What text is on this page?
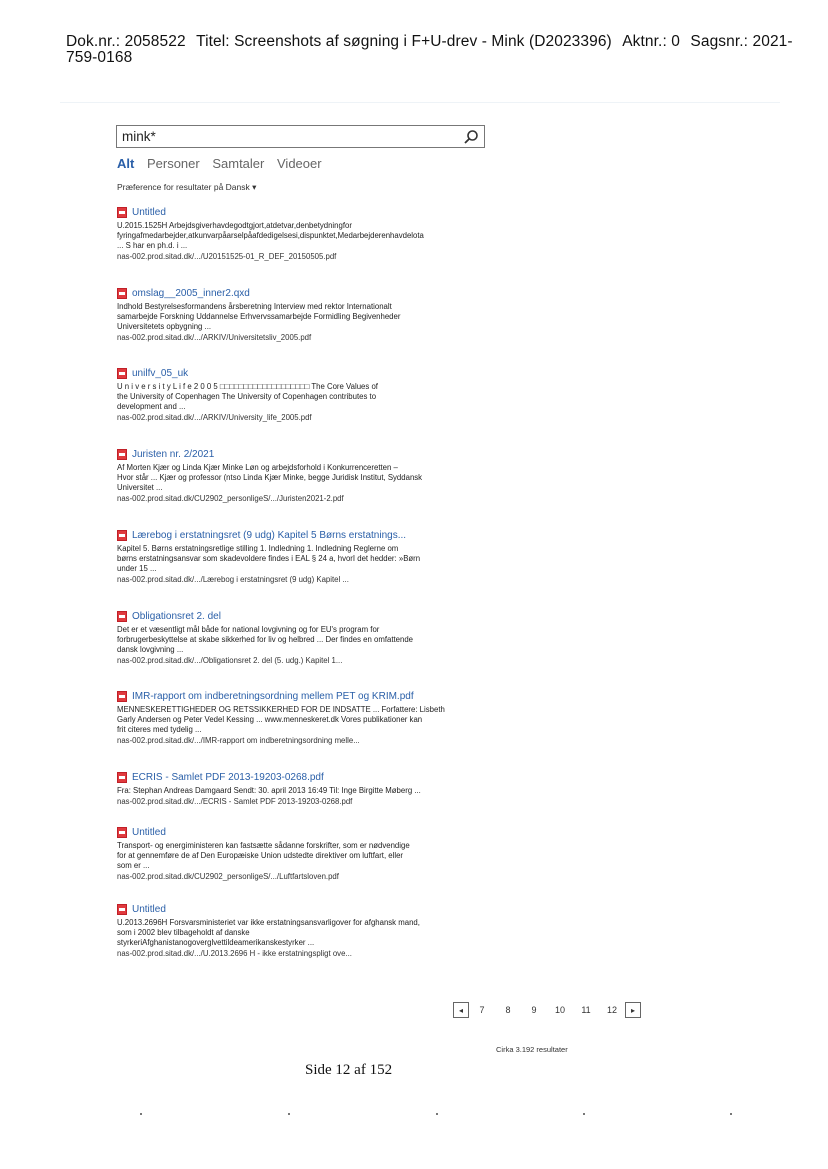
Dok.nr.: 2058522 Titel: Screenshots af søgning i F+U-drev - Mink (D2023396) Aktnr.: 0 Sagsnr.: 2021-759-0168
mink*
Alt Personer Samtaler Videoer
Præference for resultater på Dansk ▾
Untitled
U.2015.1525H Arbejdsgiverhavdegodtgjort,atdetvar,denbetydningfor
fyringafmedarbejder,atkunvarpåarselpåafdedigelsesi,dispunktet,Medarbejderenhavdelota
... S har en ph.d. i ...
nas-002.prod.sitad.dk/.../U20151525-01_R_DEF_20150505.pdf
omslag__2005_inner2.qxd
Indhold Bestyrelsesformandens årsberetning Interview med rektor Internationalt
samarbejde Forskning Uddannelse Erhvervssamarbejde Formidling Begivenheder
Universitetets opbygning ...
nas-002.prod.sitad.dk/.../ARKIV/Universitetsliv_2005.pdf
unilfv_05_uk
U n i v e r s i t y L i f e 2 0 0 5 □□□□□□□□□□□□□□□□□□□ The Core Values of
the University of Copenhagen The University of Copenhagen contributes to
development and ...
nas-002.prod.sitad.dk/.../ARKIV/University_life_2005.pdf
Juristen nr. 2/2021
Af Morten Kjær og Linda Kjær Minke Løn og arbejdsforhold i Konkurrenceretten –
Hvor står ... Kjær og professor (ntso Linda Kjær Minke, begge Juridisk Institut, Syddansk
Universitet ...
nas-002.prod.sitad.dk/CU2902_personligeS/.../Juristen2021-2.pdf
Lærebog i erstatningsret (9 udg) Kapitel 5 Børns erstatnings...
Kapitel 5. Børns erstatningsretlige stilling 1. Indledning 1. Indledning Reglerne om
børns erstatningsansvar som skadevoldere findes i EAL § 24 a, hvorI det hedder: »Børn
under 15 ...
nas-002.prod.sitad.dk/.../Lærebog i erstatningsret (9 udg) Kapitel ...
Obligationsret 2. del
Det er et væsentligt mål både for national lovgivning og for EU's program for
forbrugerbeskyttelse at skabe sikkerhed for liv og helbred ... Der findes en omfattende
dansk lovgivning ...
nas-002.prod.sitad.dk/.../Obligationsret 2. del (5. udg.) Kapitel 1...
IMR-rapport om indberetningsordning mellem PET og KRIM.pdf
MENNESKERETTIGHEDER OG RETSSIKKERHED FOR DE INDSATTE ... Forfattere: Lisbeth
Garly Andersen og Peter Vedel Kessing ... www.menneskeret.dk Vores publikationer kan
frit citeres med tydelig ...
nas-002.prod.sitad.dk/.../IMR-rapport om indberetningsordning melle...
ECRIS - Samlet PDF 2013-19203-0268.pdf
Fra: Stephan Andreas Damgaard Sendt: 30. april 2013 16:49 Til: Inge Birgitte Møberg ...
nas-002.prod.sitad.dk/.../ECRIS - Samlet PDF 2013-19203-0268.pdf
Untitled
Transport- og energiministeren kan fastsætte sådanne forskrifter, som er nødvendige
for at gennemføre de af Den Europæiske Union udstedte direktiver om luftfart, eller
som er ...
nas-002.prod.sitad.dk/CU2902_personligeS/.../Luftfartsloven.pdf
Untitled
U.2013.2696H Forsvarsministeriet var ikke erstatningsansvarligover for afghansk mand,
som i 2002 blev tilbageholdt af danske
styrkeriAfghanistanogoverglvettildeamerikanskestyrker ...
nas-002.prod.sitad.dk/.../U.2013.2696 H - ikke erstatningspligt ove...
◂	7	8	9	10	11	12	▸
Cirka 3.192 resultater
Side 12 af 152
